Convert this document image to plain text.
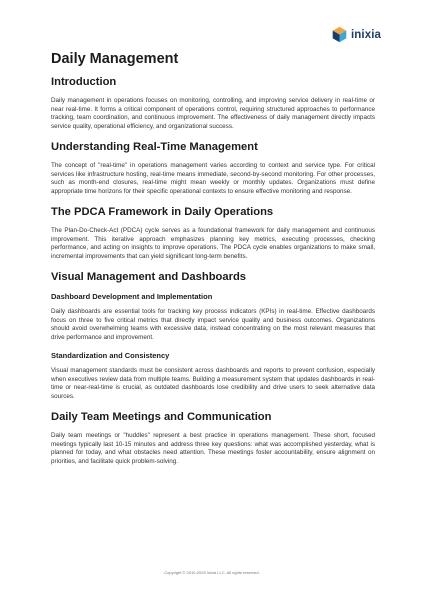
inixia
Daily Management
Introduction

Daily management in operations focuses on monitoring, controlling, and improving service delivery in real-time or near real-time. It forms a critical component of operations control, requiring structured approaches to performance tracking, team coordination, and continuous improvement. The effectiveness of daily management directly impacts service quality, operational efficiency, and organizational success.

Understanding Real-Time Management

The concept of "real-time" in operations management varies according to context and service type. For critical services like infrastructure hosting, real-time means immediate, second-by-second monitoring. For other processes, such as month-end closures, real-time might mean weekly or monthly updates. Organizations must define appropriate time horizons for their specific operational contexts to ensure effective monitoring and response.

The PDCA Framework in Daily Operations

The Plan-Do-Check-Act (PDCA) cycle serves as a foundational framework for daily management and continuous improvement. This iterative approach emphasizes planning key metrics, executing processes, checking performance, and acting on insights to improve operations. The PDCA cycle enables organizations to make small, incremental improvements that can yield significant long-term benefits.

Visual Management and Dashboards
Dashboard Development and Implementation

Daily dashboards are essential tools for tracking key process indicators (KPIs) in real-time. Effective dashboards focus on three to five critical metrics that directly impact service quality and business outcomes. Organizations should avoid overwhelming teams with excessive data, instead concentrating on the most relevant measures that drive performance and improvement.

Standardization and Consistency

Visual management standards must be consistent across dashboards and reports to prevent confusion, especially when executives review data from multiple teams. Building a measurement system that updates dashboards in real-time or near-real-time is crucial, as outdated dashboards lose credibility and drive users to seek alternative data sources.

Daily Team Meetings and Communication

Daily team meetings or "huddles" represent a best practice in operations management. These short, focused meetings typically last 10-15 minutes and address three key questions: what was accomplished yesterday, what is planned for today, and what obstacles need attention. These meetings foster accountability, ensure alignment on priorities, and facilitate quick problem-solving.

Copyright © 2010-2025 Inixia LLC. All rights reserved.
